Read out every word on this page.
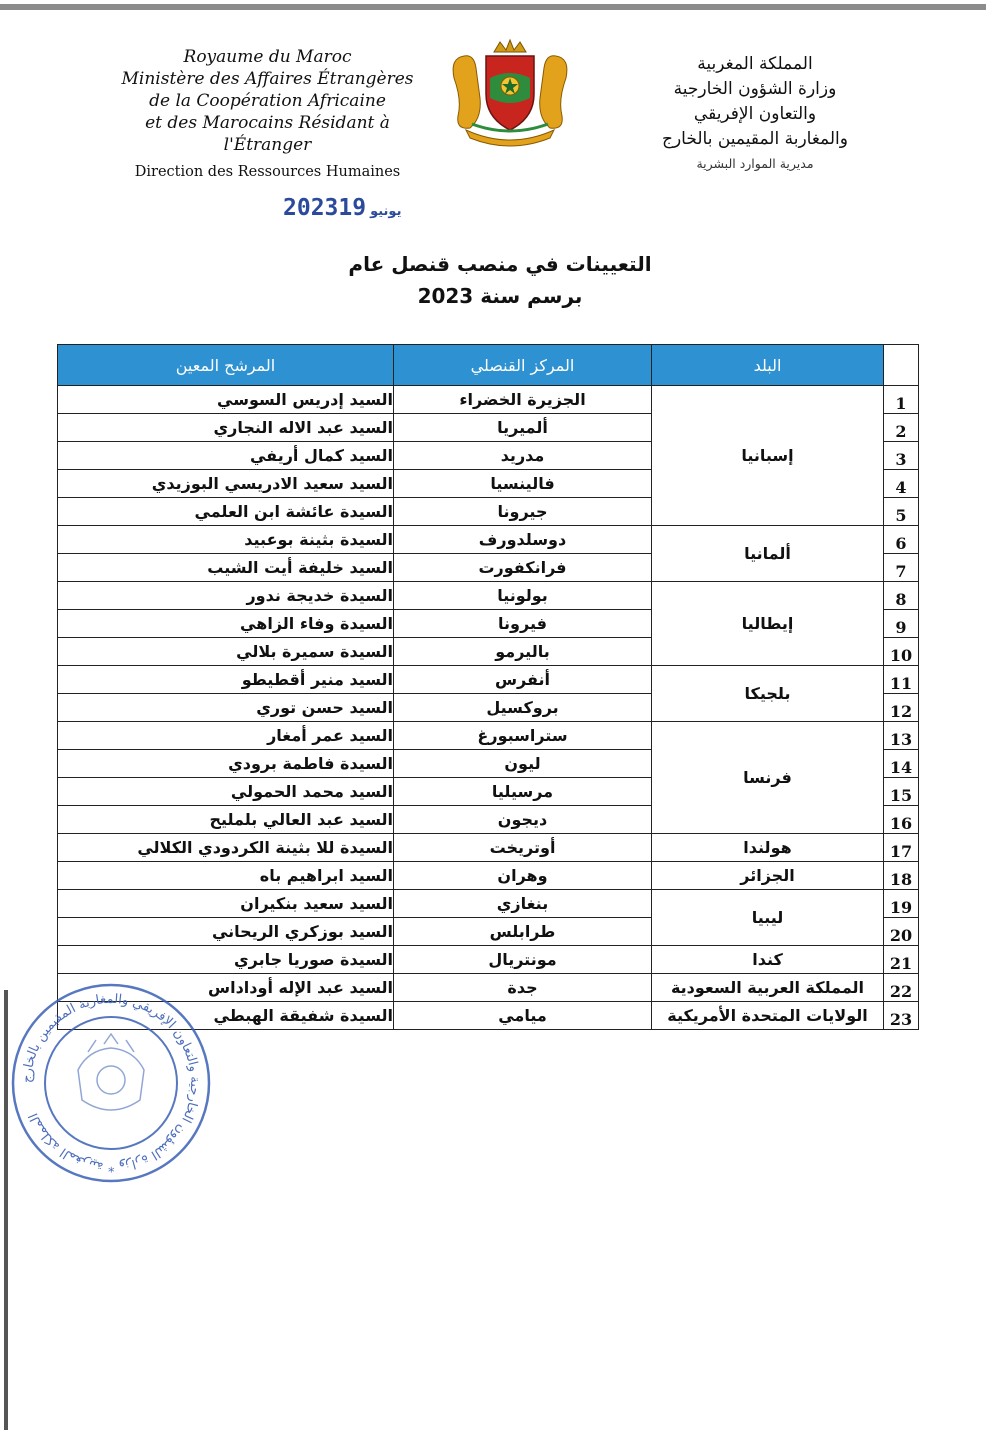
Royaume du Maroc
Ministère des Affaires Étrangères
de la Coopération Africaine
et des Marocains Résidant à l'Étranger
Direction des Ressources Humaines
المملكة المغربية
وزارة الشؤون الخارجية
والتعاون الإفريقي
والمغاربة المقيمين بالخارج
مديرية الموارد البشرية
2023 يونيو19
التعيينات في منصب قنصل عام
برسم سنة 2023
	البلد	المركز القنصلي	المرشح المعين
1	إسبانيا	الجزيرة الخضراء	السيد إدريس السوسي
2		ألميريا	السيد عبد الاله النجاري
3		مدريد	السيد كمال أريفي
4		فالينسيا	السيد سعيد الادريسي البوزيدي
5		جيرونا	السيدة عائشة ابن العلمي
6	ألمانيا	دوسلدورف	السيدة بثينة بوعبيد
7		فرانكفورت	السيد خليفة أيت الشيب
8	إيطاليا	بولونيا	السيدة خديجة ندور
9		فيرونا	السيدة وفاء الزاهي
10		باليرمو	السيدة سميرة بلالي
11	بلجيكا	أنفرس	السيد منير أقطيطو
12		بروكسيل	السيد حسن توري
13	فرنسا	ستراسبورغ	السيد عمر أمغار
14		ليون	السيدة فاطمة برودي
15		مرسيليا	السيد محمد الحمولي
16		ديجون	السيد عبد العالي بلمليح
17	هولندا	أوتريخت	السيدة للا بثينة الكردودي الكلالي
18	الجزائر	وهران	السيد ابراهيم باه
19	ليبيا	بنغازي	السيد سعيد بنكيران
20		طرابلس	السيد بوزكري الريحاني
21	كندا	مونتريال	السيدة صوريا جابري
22	المملكة العربية السعودية	جدة	السيد عبد الإله أوداداس
23	الولايات المتحدة الأمريكية	ميامي	السيدة شفيقة الهبطي
المملكة المغربية * وزارة الشؤون الخارجية والتعاون الإفريقي والمغاربة المقيمين بالخارج
